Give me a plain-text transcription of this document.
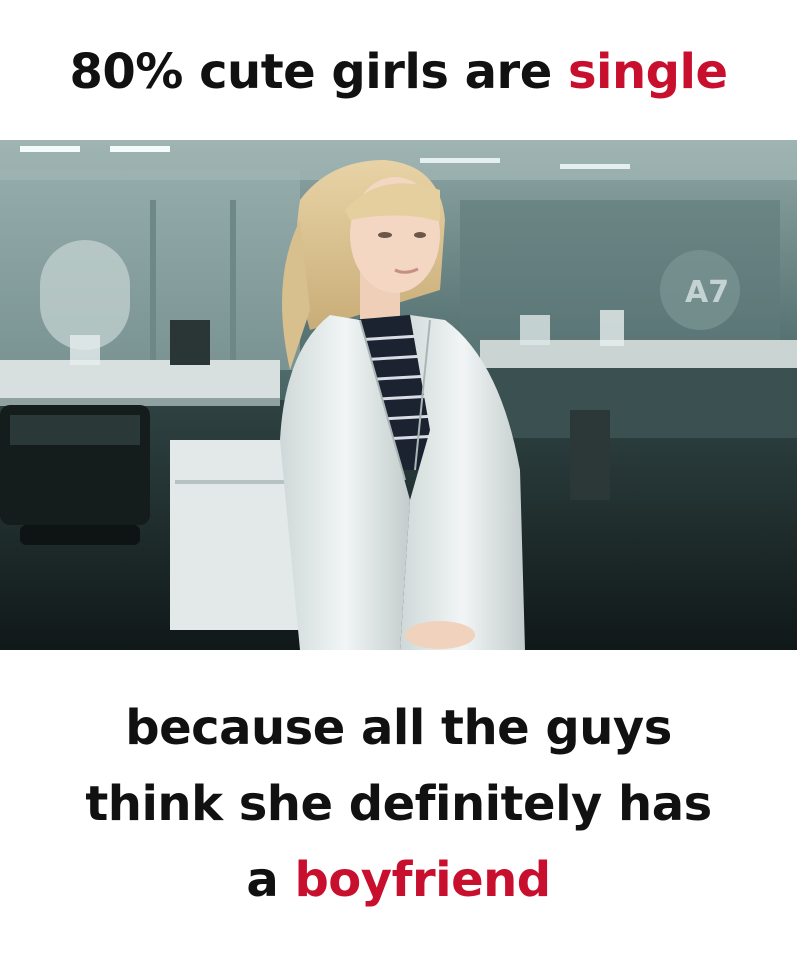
80% cute girls are single
A7
because all the guys
think she definitely has
a boyfriend
